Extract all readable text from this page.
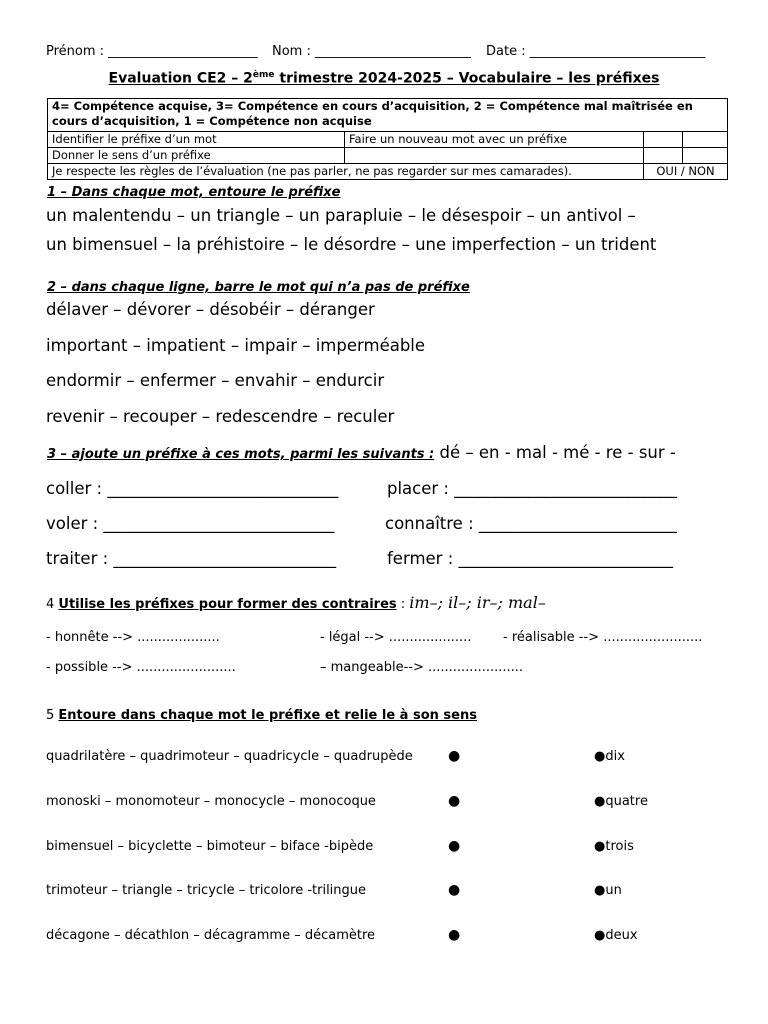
Prénom : _______________________ Nom : ________________________ Date : ___________________________
Evaluation CE2 – 2ème trimestre 2024-2025 – Vocabulaire – les préfixes
4= Compétence acquise, 3= Compétence en cours d’acquisition, 2 = Compétence mal maîtrisée en cours d’acquisition, 1 = Compétence non acquise			
Identifier le préfixe d’un mot	Faire un nouveau mot avec un préfixe		
Donner le sens d’un préfixe			
Je respecte les règles de l’évaluation (ne pas parler, ne pas regarder sur mes camarades).		OUI / NON	
1 – Dans chaque mot, entoure le préfixe
un malentendu – un triangle – un parapluie – le désespoir – un antivol –
un bimensuel – la préhistoire – le désordre – une imperfection – un trident
2 – dans chaque ligne, barre le mot qui n’a pas de préfixe
délaver – dévorer – désobéir – déranger
important – impatient – impair – imperméable
endormir – enfermer – envahir – endurcir
revenir – recouper – redescendre – reculer
3 – ajoute un préfixe à ces mots, parmi les suivants : dé – en - mal - mé - re - sur -
coller : ____________________________	placer : ___________________________
voler : ____________________________	connaître : ________________________
traiter : ___________________________	fermer : __________________________
4 Utilise les préfixes pour former des contraires : im–; il–; ir–; mal–
- honnête --> ....................	- légal --> .................... - réalisable --> ........................
- possible --> ........................	– mangeable--> .......................
5 Entoure dans chaque mot le préfixe et relie le à son sens
quadrilatère – quadrimoteur – quadricycle – quadrupède	●	●dix
monoski – monomoteur – monocycle – monocoque	●	●quatre
bimensuel – bicyclette – bimoteur – biface -bipède	●	●trois
trimoteur – triangle – tricycle – tricolore -trilingue	●	●un
décagone – décathlon – décagramme – décamètre	●	●deux
